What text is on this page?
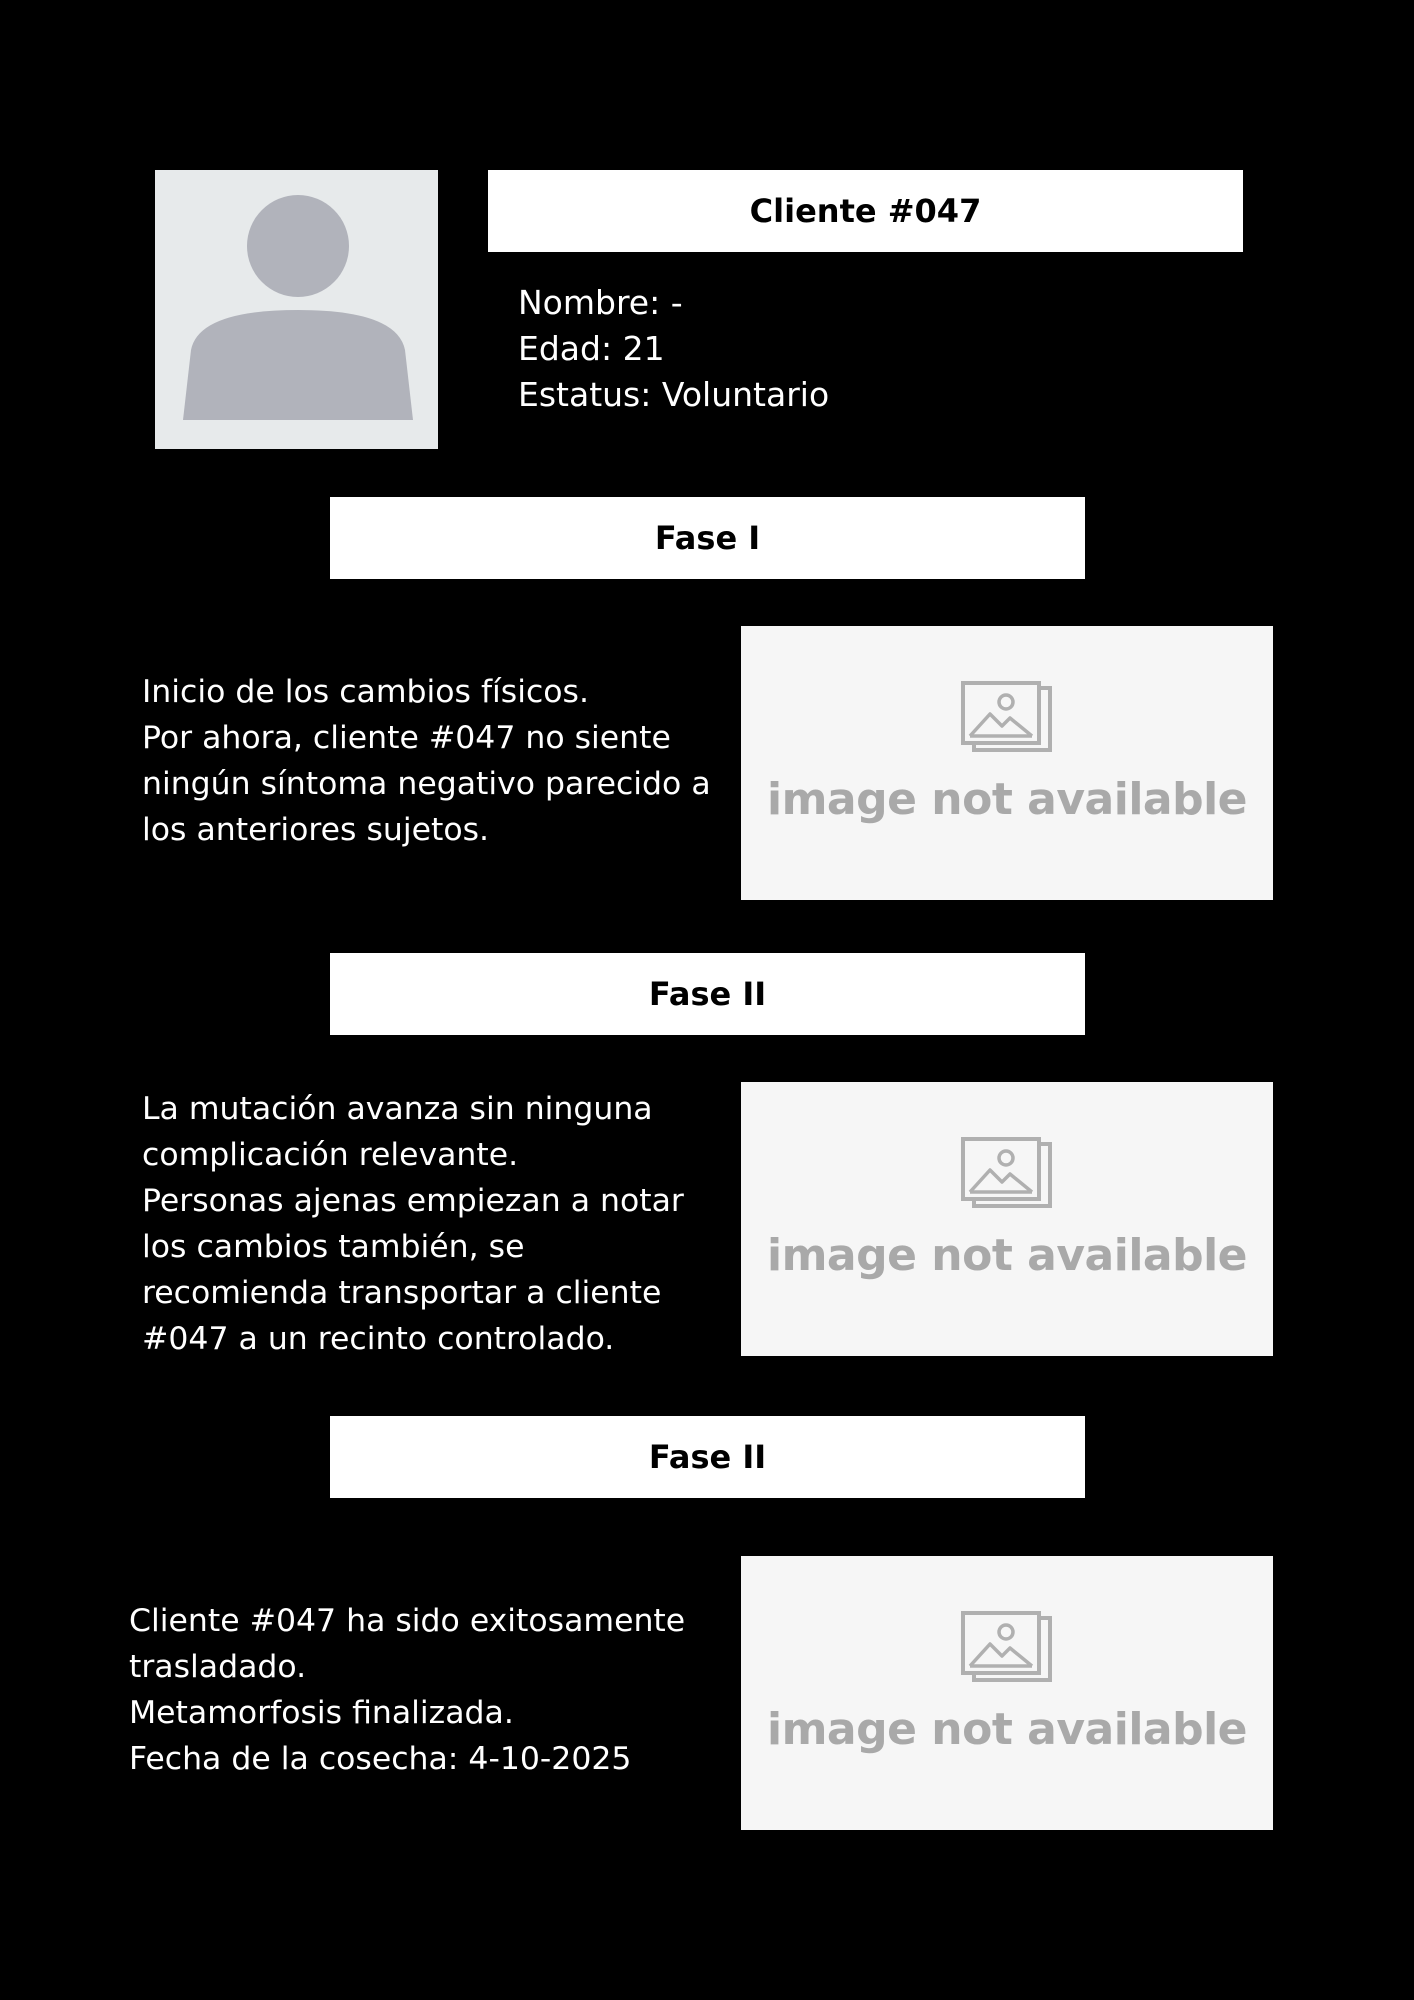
Cliente #047
Nombre: -
Edad: 21
Estatus: Voluntario
Fase I
Inicio de los cambios físicos.
Por ahora, cliente #047 no siente
ningún síntoma negativo parecido a
los anteriores sujetos.
image not available
Fase II
La mutación avanza sin ninguna
complicación relevante.
Personas ajenas empiezan a notar
los cambios también, se
recomienda transportar a cliente
#047 a un recinto controlado.
image not available
Fase II
Cliente #047 ha sido exitosamente
trasladado.
Metamorfosis finalizada.
Fecha de la cosecha: 4-10-2025
image not available
